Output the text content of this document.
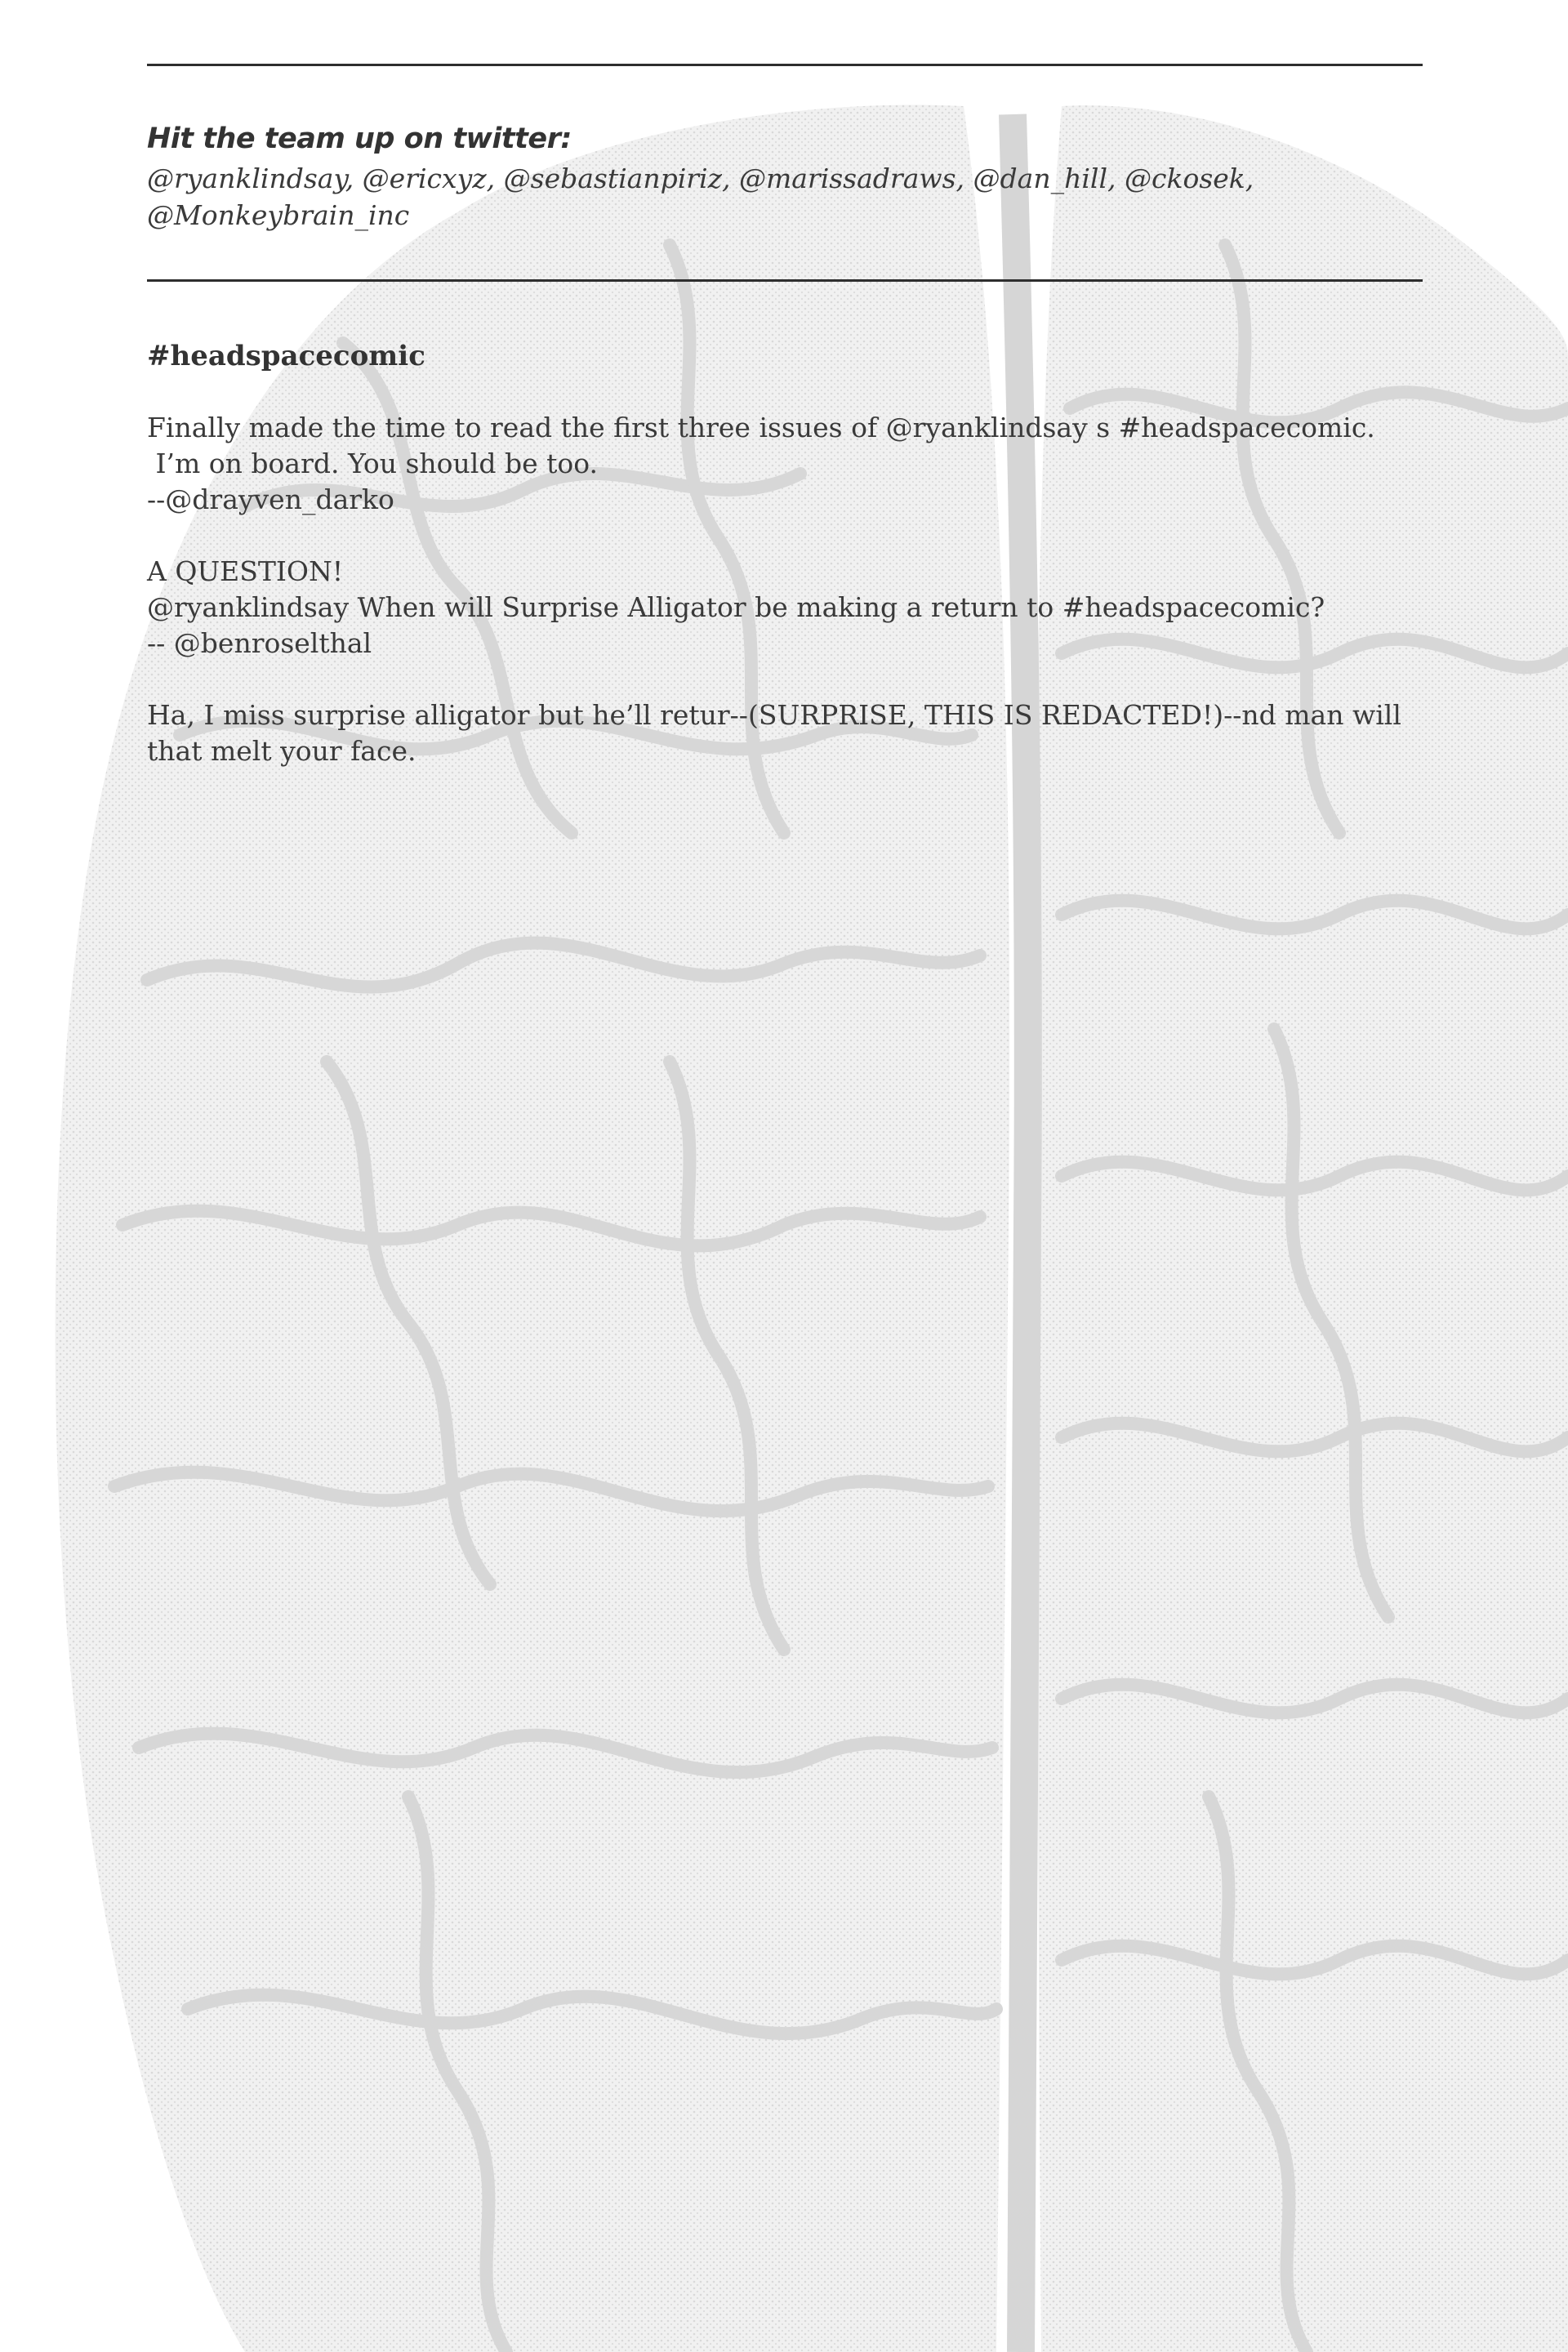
Hit the team up on twitter:
@ryanklindsay, @ericxyz, @sebastianpiriz, @marissadraws, @dan_hill, @ckosek,
@Monkeybrain_inc
#headspacecomic
Finally made the time to read the first three issues of @ryanklindsay s #headspacecomic.
I’m on board. You should be too.
--@drayven_darko
A QUESTION!
@ryanklindsay When will Surprise Alligator be making a return to #headspacecomic?
-- @benroselthal
Ha, I miss surprise alligator but he’ll retur--(SURPRISE, THIS IS REDACTED!)--nd man will
that melt your face.
